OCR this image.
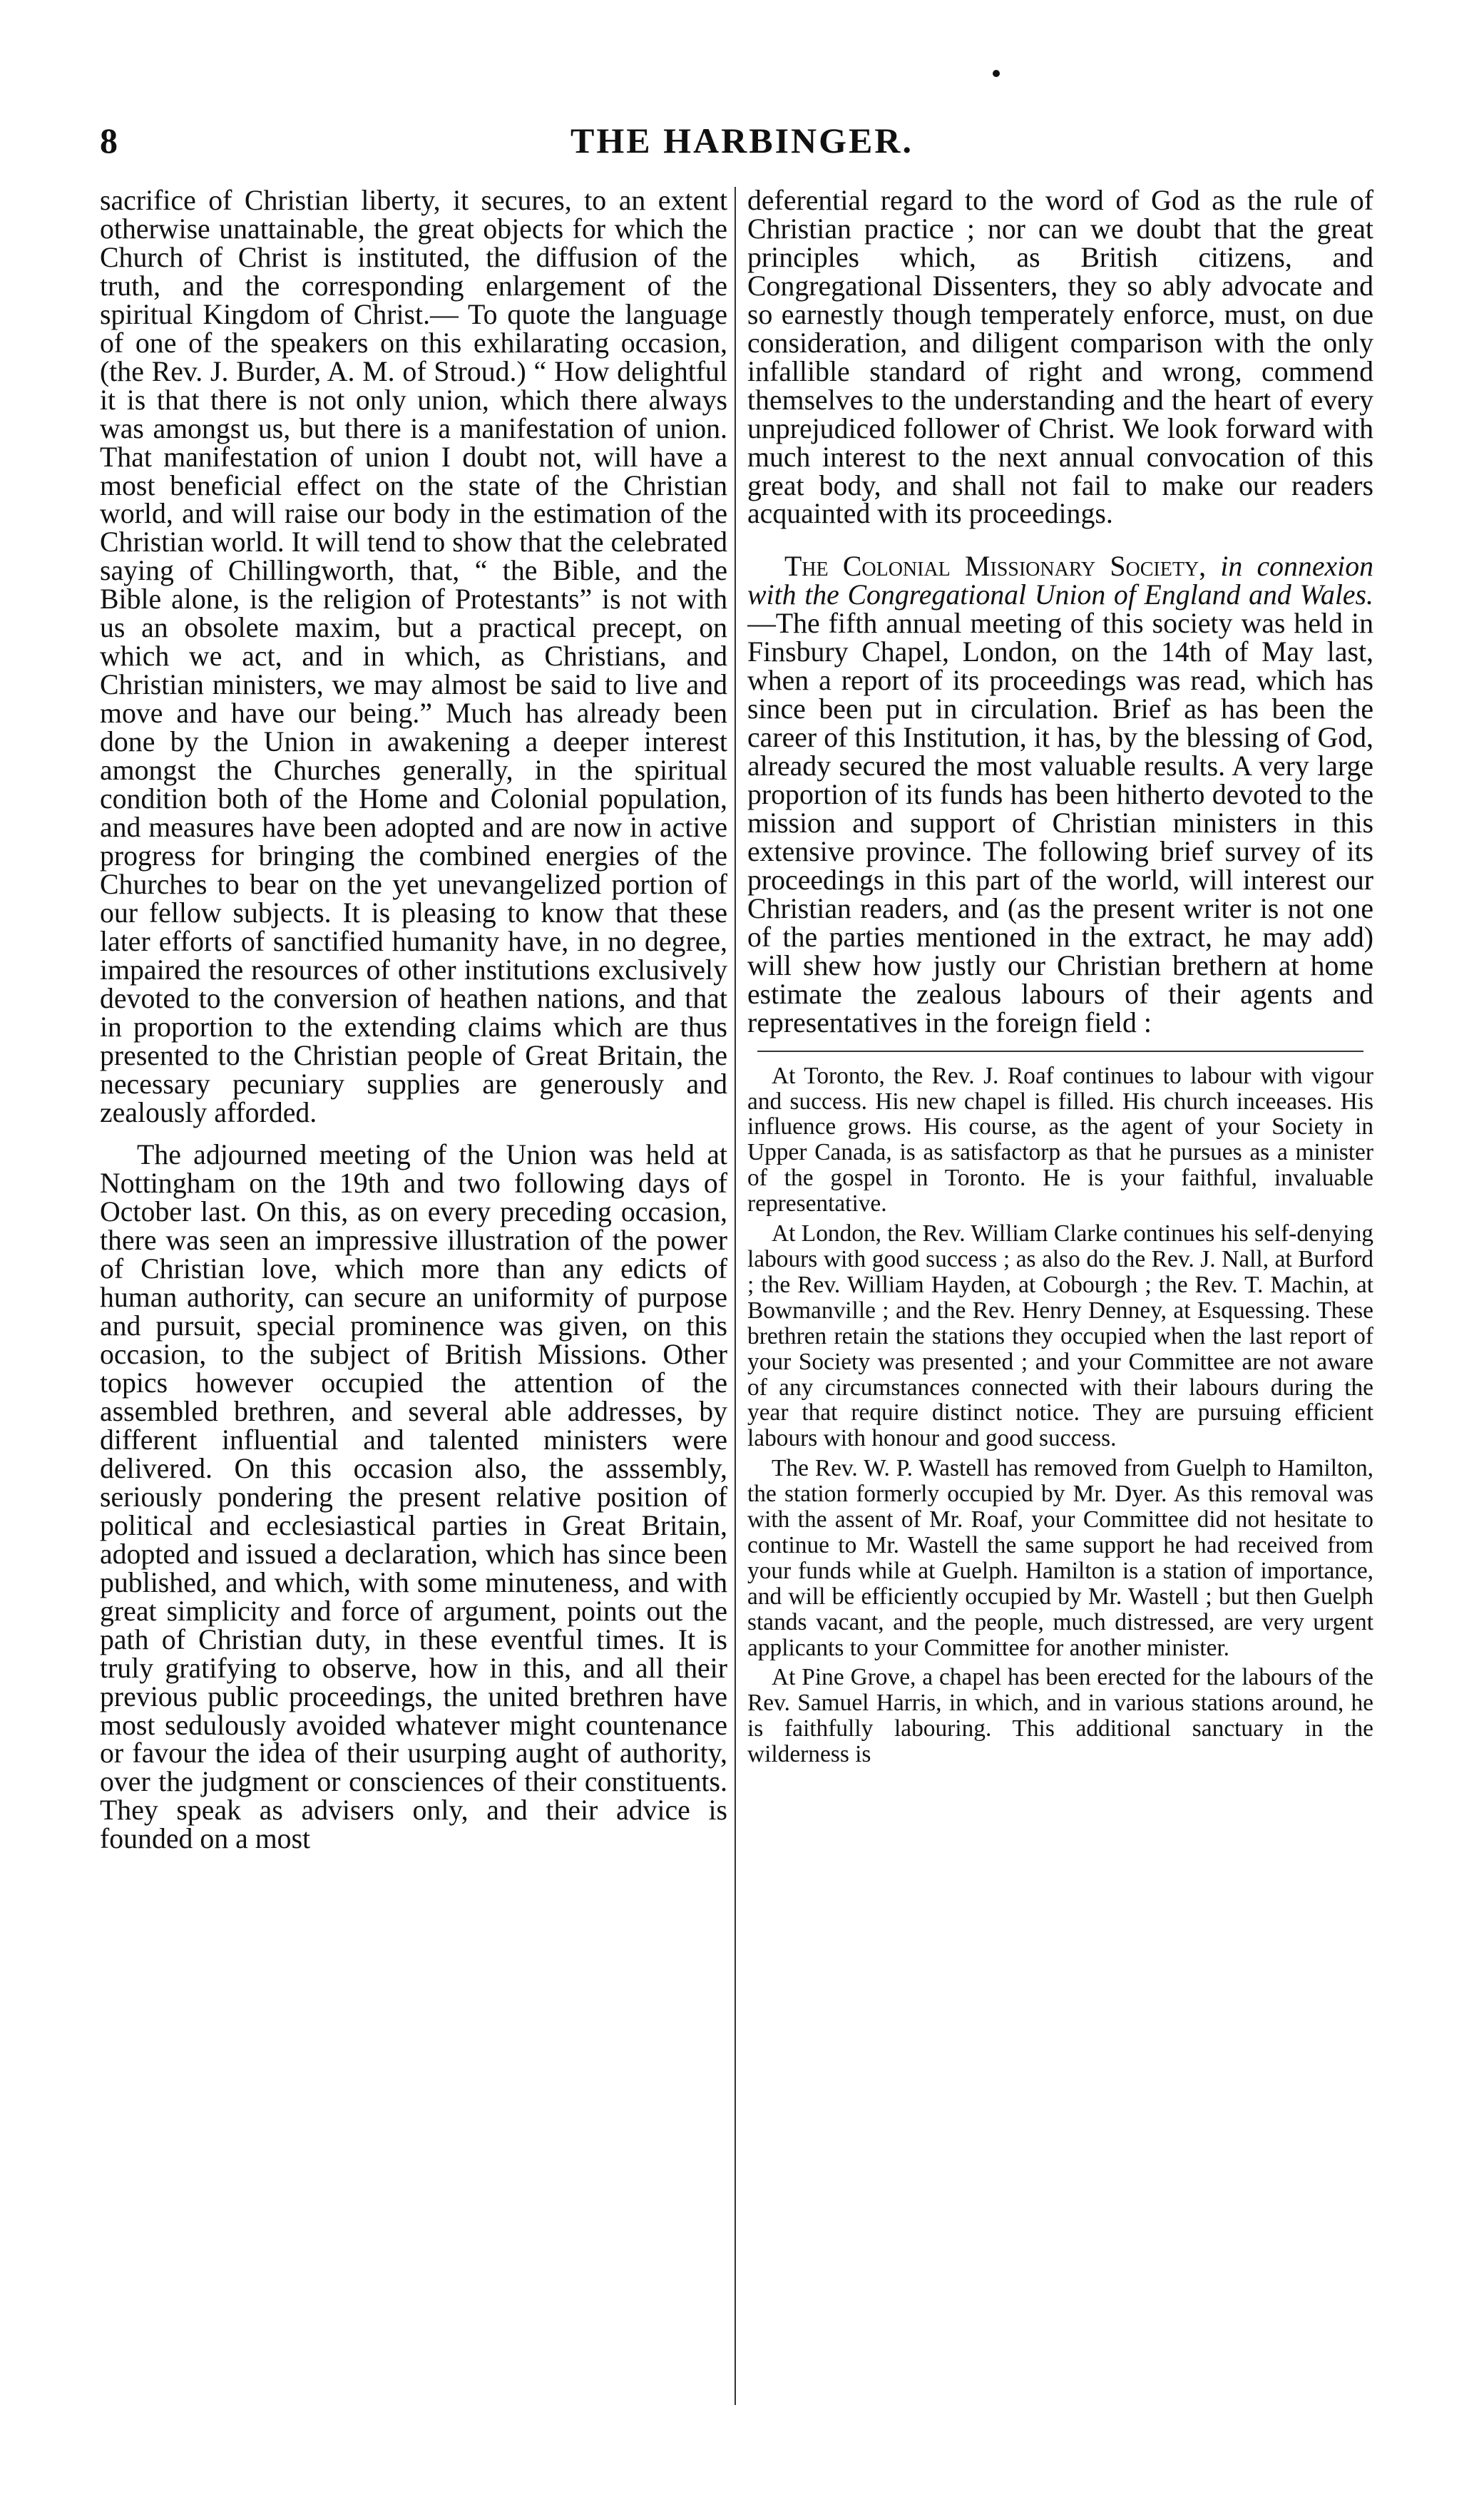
8	THE HARBINGER.

sacrifice of Christian liberty, it secures, to an extent otherwise unattainable, the great objects for which the Church of Christ is instituted, the diffusion of the truth, and the corresponding enlargement of the spiritual Kingdom of Christ.— To quote the language of one of the speakers on this exhilarating occasion, (the Rev. J. Burder, A. M. of Stroud.) “ How delightful it is that there is not only union, which there always was amongst us, but there is a manifestation of union. That manifestation of union I doubt not, will have a most beneficial effect on the state of the Christian world, and will raise our body in the estimation of the Christian world. It will tend to show that the celebrated saying of Chillingworth, that, “ the Bible, and the Bible alone, is the religion of Protestants” is not with us an obsolete maxim, but a practical precept, on which we act, and in which, as Christians, and Christian ministers, we may almost be said to live and move and have our being.” Much has already been done by the Union in awakening a deeper interest amongst the Churches generally, in the spiritual condition both of the Home and Colonial population, and measures have been adopted and are now in active progress for bringing the combined energies of the Churches to bear on the yet unevangelized portion of our fellow subjects. It is pleasing to know that these later efforts of sanctified humanity have, in no degree, impaired the resources of other institutions exclusively devoted to the conversion of heathen nations, and that in proportion to the extending claims which are thus presented to the Christian people of Great Britain, the necessary pecuniary supplies are generously and zealously afforded.

The adjourned meeting of the Union was held at Nottingham on the 19th and two following days of October last. On this, as on every preceding occasion, there was seen an impressive illustration of the power of Christian love, which more than any edicts of human authority, can secure an uniformity of purpose and pursuit, special prominence was given, on this occasion, to the subject of British Missions. Other topics however occupied the attention of the assembled brethren, and several able addresses, by different influential and talented ministers were delivered. On this occasion also, the asssembly, seriously pondering the present relative position of political and ecclesiastical parties in Great Britain, adopted and issued a declaration, which has since been published, and which, with some minuteness, and with great simplicity and force of argument, points out the path of Christian duty, in these eventful times. It is truly gratifying to observe, how in this, and all their previous public proceedings, the united brethren have most sedulously avoided whatever might countenance or favour the idea of their usurping aught of authority, over the judgment or consciences of their constituents. They speak as advisers only, and their advice is founded on a most

deferential regard to the word of God as the rule of Christian practice ; nor can we doubt that the great principles which, as British citizens, and Congregational Dissenters, they so ably advocate and so earnestly though temperately enforce, must, on due consideration, and diligent comparison with the only infallible standard of right and wrong, commend themselves to the understanding and the heart of every unprejudiced follower of Christ. We look forward with much interest to the next annual convocation of this great body, and shall not fail to make our readers acquainted with its proceedings.

The Colonial Missionary Society, in connexion with the Congregational Union of England and Wales.—The fifth annual meeting of this society was held in Finsbury Chapel, London, on the 14th of May last, when a report of its proceedings was read, which has since been put in circulation. Brief as has been the career of this Institution, it has, by the blessing of God, already secured the most valuable results. A very large proportion of its funds has been hitherto devoted to the mission and support of Christian ministers in this extensive province. The following brief survey of its proceedings in this part of the world, will interest our Christian readers, and (as the present writer is not one of the parties mentioned in the extract, he may add) will shew how justly our Christian brethern at home estimate the zealous labours of their agents and representatives in the foreign field :

At Toronto, the Rev. J. Roaf continues to labour with vigour and success. His new chapel is filled. His church inceeases. His influence grows. His course, as the agent of your Society in Upper Canada, is as satisfactorp as that he pursues as a minister of the gospel in Toronto. He is your faithful, invaluable representative.

At London, the Rev. William Clarke continues his self-denying labours with good success ; as also do the Rev. J. Nall, at Burford ; the Rev. William Hayden, at Cobourgh ; the Rev. T. Machin, at Bowmanville ; and the Rev. Henry Denney, at Esquessing. These brethren retain the stations they occupied when the last report of your Society was presented ; and your Committee are not aware of any circumstances connected with their labours during the year that require distinct notice. They are pursuing efficient labours with honour and good success.

The Rev. W. P. Wastell has removed from Guelph to Hamilton, the station formerly occupied by Mr. Dyer. As this removal was with the assent of Mr. Roaf, your Committee did not hesitate to continue to Mr. Wastell the same support he had received from your funds while at Guelph. Hamilton is a station of importance, and will be efficiently occupied by Mr. Wastell ; but then Guelph stands vacant, and the people, much distressed, are very urgent applicants to your Committee for another minister.

At Pine Grove, a chapel has been erected for the labours of the Rev. Samuel Harris, in which, and in various stations around, he is faithfully labouring. This additional sanctuary in the wilderness is
